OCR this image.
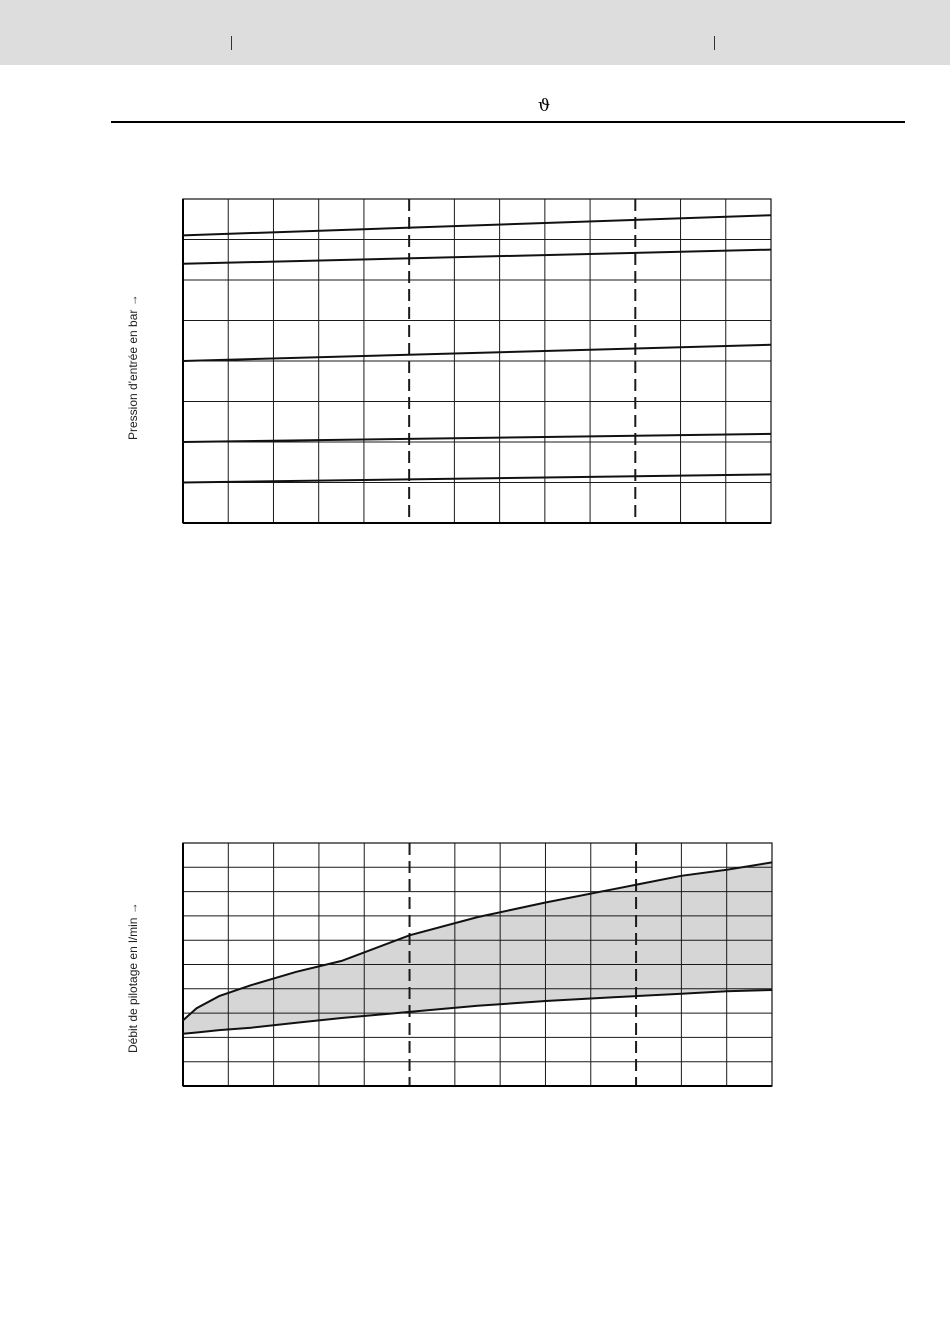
ϑ
Pression d'entrée en bar →
Débit de pilotage en l/min →
